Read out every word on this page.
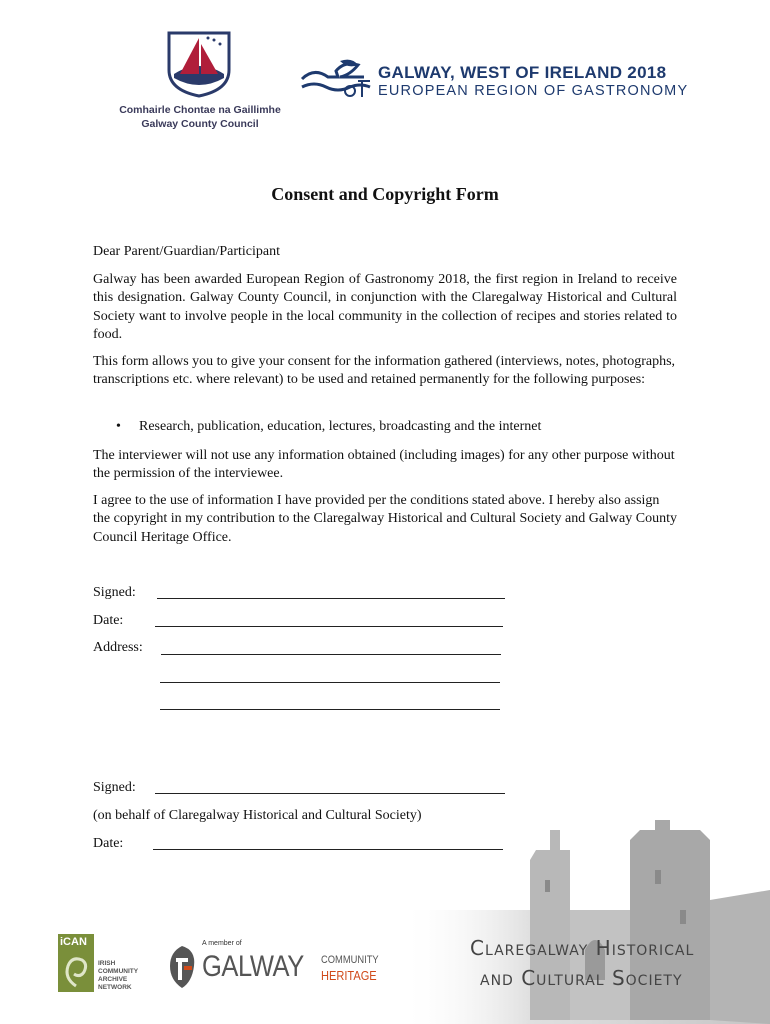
Comhairle Chontae na Gaillimhe
Galway County Council
GALWAY, WEST OF IRELAND 2018
EUROPEAN REGION OF GASTRONOMY
Consent and Copyright Form
Dear Parent/Guardian/Participant
Galway has been awarded European Region of Gastronomy 2018, the first region in Ireland to receive this designation. Galway County Council, in conjunction with the Claregalway Historical and Cultural Society want to involve people in the local community in the collection of recipes and stories related to food.
This form allows you to give your consent for the information gathered (interviews, notes, photographs, transcriptions etc. where relevant) to be used and retained permanently for the following purposes:
• Research, publication, education, lectures, broadcasting and the internet
The interviewer will not use any information obtained (including images) for any other purpose without the permission of the interviewee.
I agree to the use of information I have provided per the conditions stated above. I hereby also assign the copyright in my contribution to the Claregalway Historical and Cultural Society and Galway County Council Heritage Office.
Signed:
Date:
Address:
Signed:
(on behalf of Claregalway Historical and Cultural Society)
Date:
Claregalway Historical
and Cultural Society
iCAN
IRISH
COMMUNITY
ARCHIVE
NETWORK
A member of
GALWAY COMMUNITY
HERITAGE
